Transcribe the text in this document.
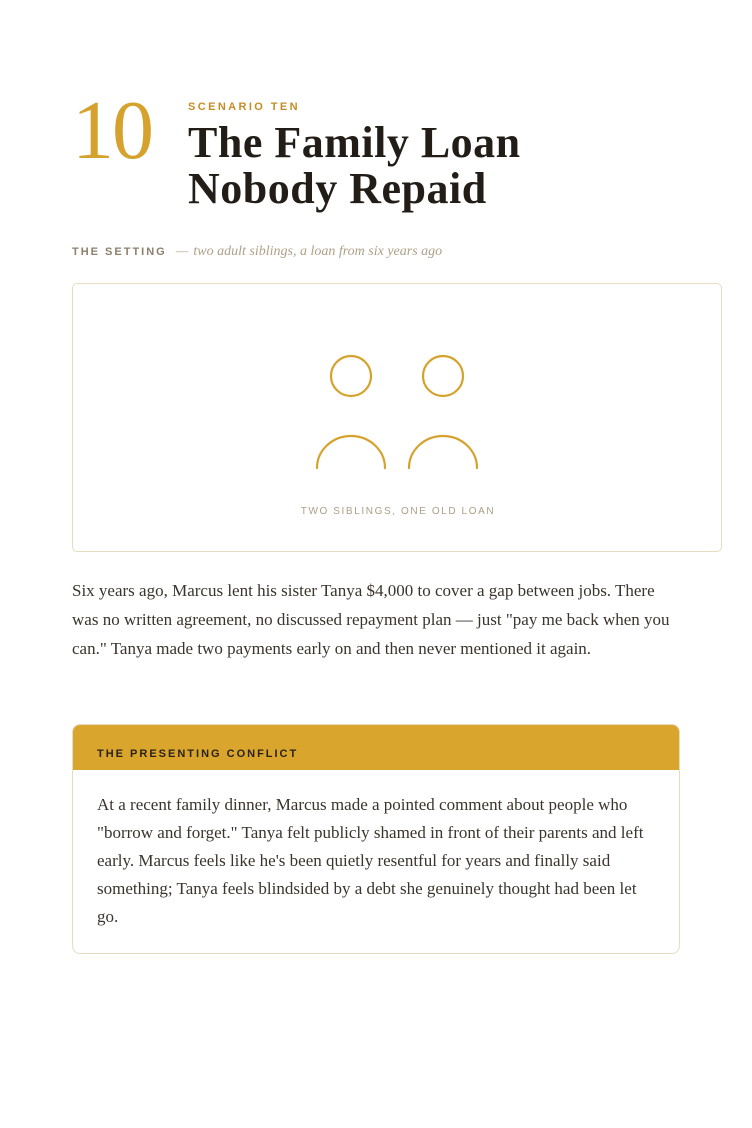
10	SCENARIO TEN
The Family Loan Nobody Repaid
THE SETTING — two adult siblings, a loan from six years ago
TWO SIBLINGS, ONE OLD LOAN

Six years ago, Marcus lent his sister Tanya $4,000 to cover a gap between jobs. There was no written agreement, no discussed repayment plan — just "pay me back when you can." Tanya made two payments early on and then never mentioned it again.

THE PRESENTING CONFLICT

At a recent family dinner, Marcus made a pointed comment about people who "borrow and forget." Tanya felt publicly shamed in front of their parents and left early. Marcus feels like he's been quietly resentful for years and finally said something; Tanya feels blindsided by a debt she genuinely thought had been let go.
